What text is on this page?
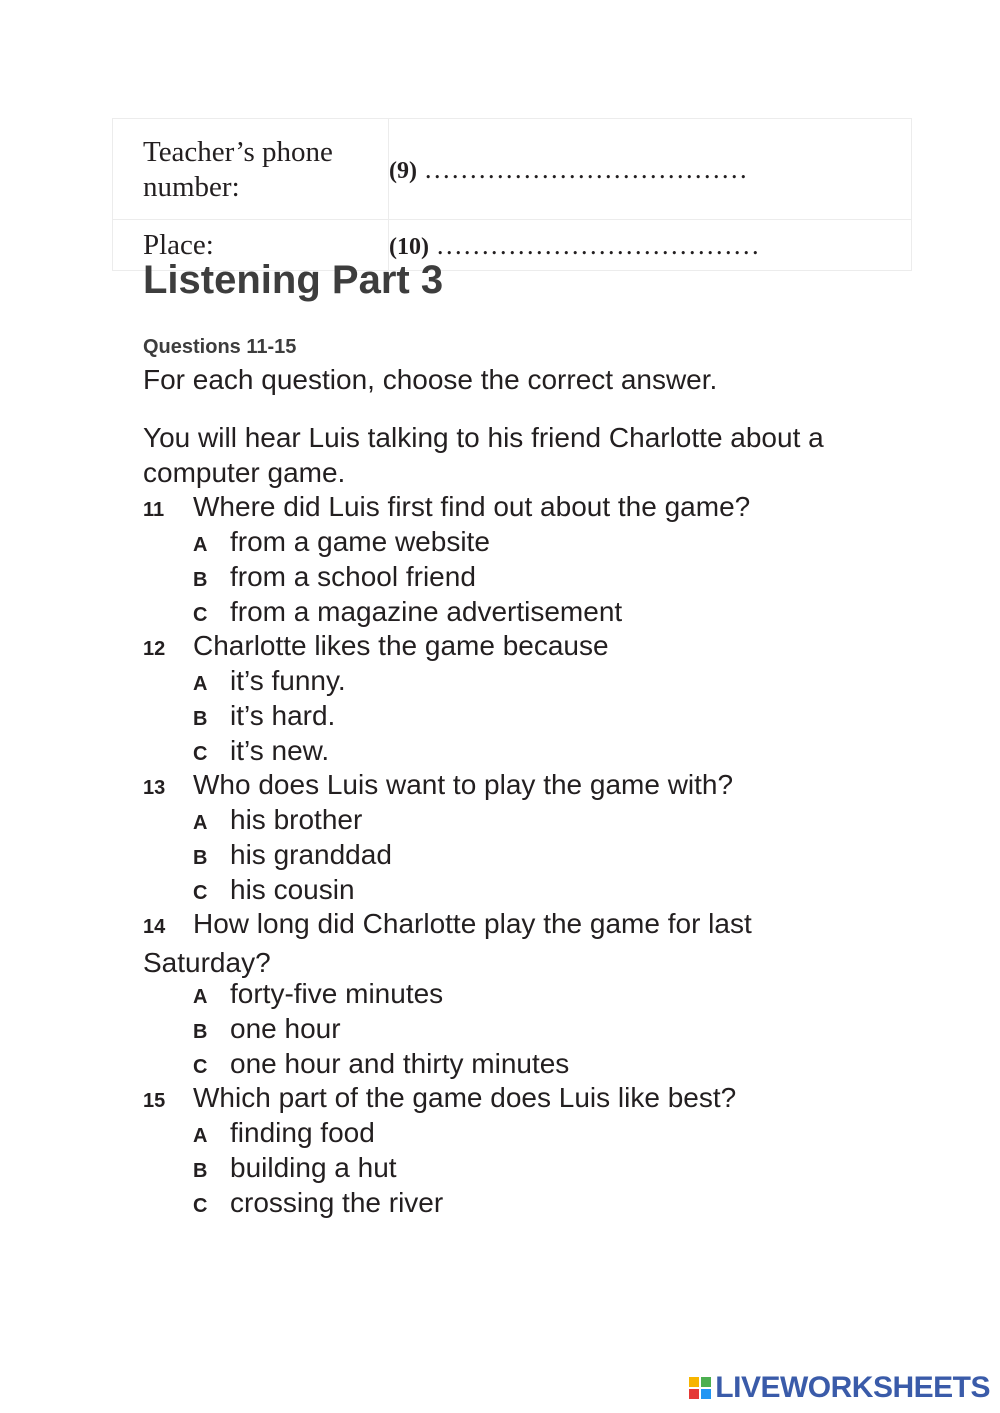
Teacher’s phone number:	(9) ………………………………
Place:	(10) ………………………………
Listening Part 3
Questions 11-15
For each question, choose the correct answer.
You will hear Luis talking to his friend Charlotte about a computer game.
11 Where did Luis first find out about the game?
A from a game website
B from a school friend
C from a magazine advertisement
12 Charlotte likes the game because
A it’s funny.
B it’s hard.
C it’s new.
13 Who does Luis want to play the game with?
A his brother
B his granddad
C his cousin
14 How long did Charlotte play the game for last Saturday?
A forty-five minutes
B one hour
C one hour and thirty minutes
15 Which part of the game does Luis like best?
A finding food
B building a hut
C crossing the river
LIVEWORKSHEETS
